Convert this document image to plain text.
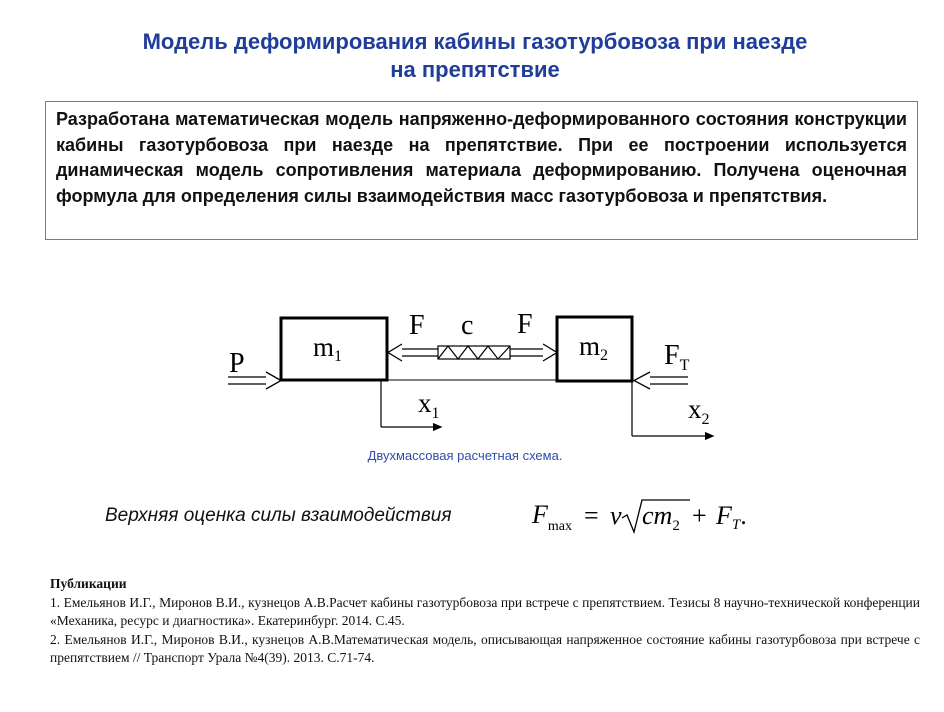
Модель деформирования кабины газотурбовоза при наезде
на препятствие

Разработана математическая модель напряженно-деформированного состояния конструкции кабины газотурбовоза при наезде на препятствие. При ее построении используется динамическая модель сопротивления материала деформированию. Получена оценочная формула для определения силы взаимодействия масс газотурбовоза и препятствия.

P
m1	m2
F c F
$F_T$
$x_1$	$x_2$
Двухмассовая расчетная схема.
Верхняя оценка силы взаимодействия	$F_{max} = v$ $cm_2$ + FT.
Публикации
1. Емельянов И.Г., Миронов В.И., кузнецов А.В.Расчет кабины газотурбовоза при встрече с препятствием. Тезисы 8 научно-технической конференции «Механика, ресурс и диагностика». Екатеринбург. 2014. С.45.
2. Емельянов И.Г., Миронов В.И., кузнецов А.В.Математическая модель, описывающая напряженное состояние кабины газотурбовоза при встрече с препятствием // Транспорт Урала №4(39). 2013. С.71-74.
